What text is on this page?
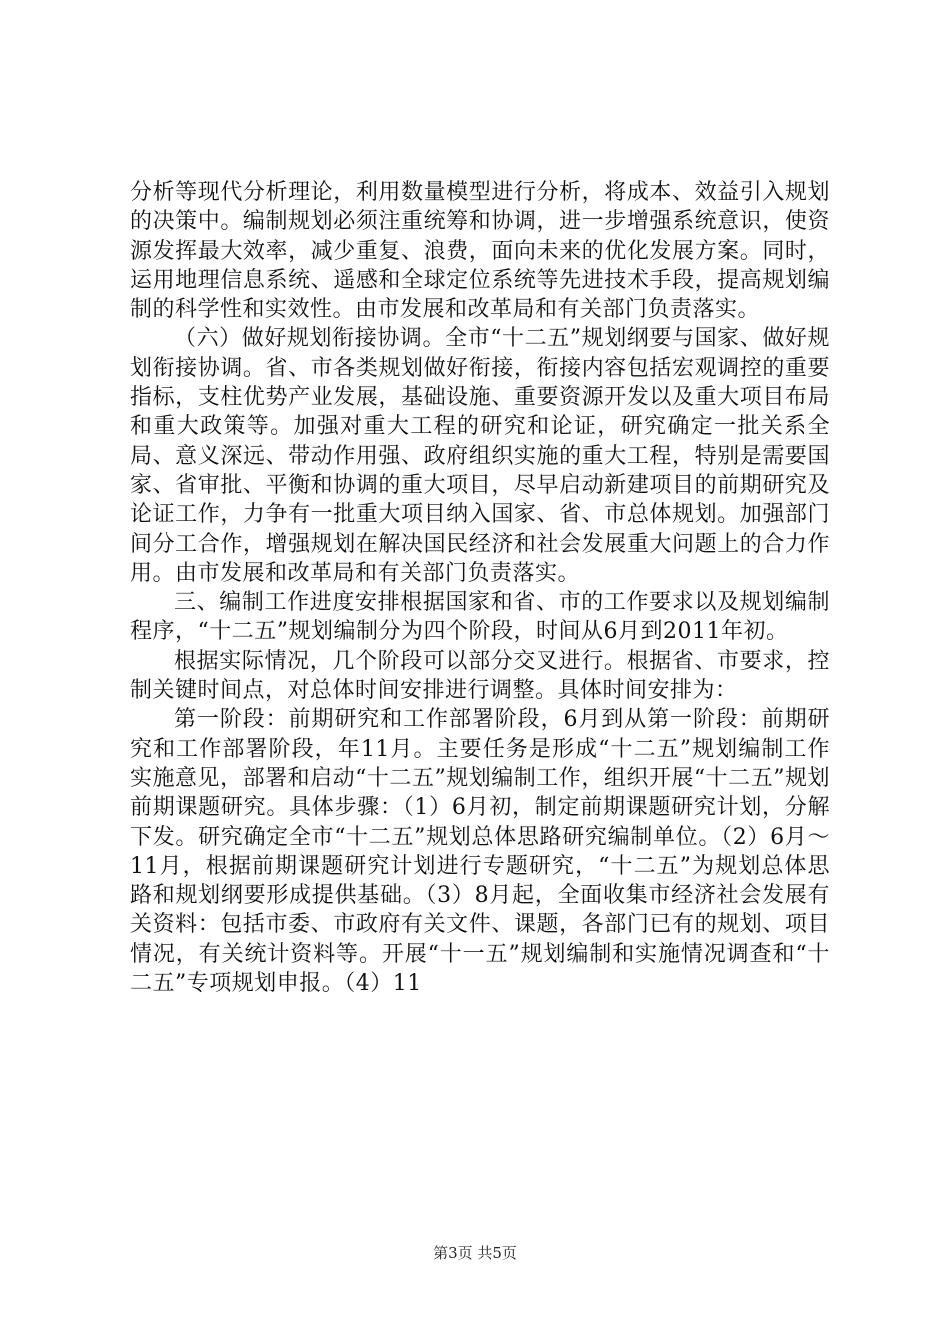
分析等现代分析理论，利用数量模型进行分析，将成本、效益引入规划的决策中。编制规划必须注重统筹和协调，进一步增强系统意识，使资源发挥最大效率，减少重复、浪费，面向未来的优化发展方案。同时，运用地理信息系统、遥感和全球定位系统等先进技术手段，提高规划编制的科学性和实效性。由市发展和改革局和有关部门负责落实。

（六）做好规划衔接协调。全市“十二五”规划纲要与国家、做好规划衔接协调。省、市各类规划做好衔接，衔接内容包括宏观调控的重要指标，支柱优势产业发展，基础设施、重要资源开发以及重大项目布局和重大政策等。加强对重大工程的研究和论证，研究确定一批关系全局、意义深远、带动作用强、政府组织实施的重大工程，特别是需要国家、省审批、平衡和协调的重大项目，尽早启动新建项目的前期研究及论证工作，力争有一批重大项目纳入国家、省、市总体规划。加强部门间分工合作，增强规划在解决国民经济和社会发展重大问题上的合力作用。由市发展和改革局和有关部门负责落实。

三、编制工作进度安排根据国家和省、市的工作要求以及规划编制程序，“十二五”规划编制分为四个阶段，时间从6月到2011年初。

根据实际情况，几个阶段可以部分交叉进行。根据省、市要求，控制关键时间点，对总体时间安排进行调整。具体时间安排为：

第一阶段：前期研究和工作部署阶段，6月到从第一阶段：前期研究和工作部署阶段，年11月。主要任务是形成“十二五”规划编制工作实施意见，部署和启动“十二五”规划编制工作，组织开展“十二五”规划前期课题研究。具体步骤：（1）6月初，制定前期课题研究计划，分解下发。研究确定全市“十二五”规划总体思路研究编制单位。（2）6月～11月，根据前期课题研究计划进行专题研究，“十二五”为规划总体思路和规划纲要形成提供基础。（3）8月起，全面收集市经济社会发展有关资料：包括市委、市政府有关文件、课题，各部门已有的规划、项目情况，有关统计资料等。开展“十一五”规划编制和实施情况调查和“十二五”专项规划申报。（4）11

第3页 共5页
